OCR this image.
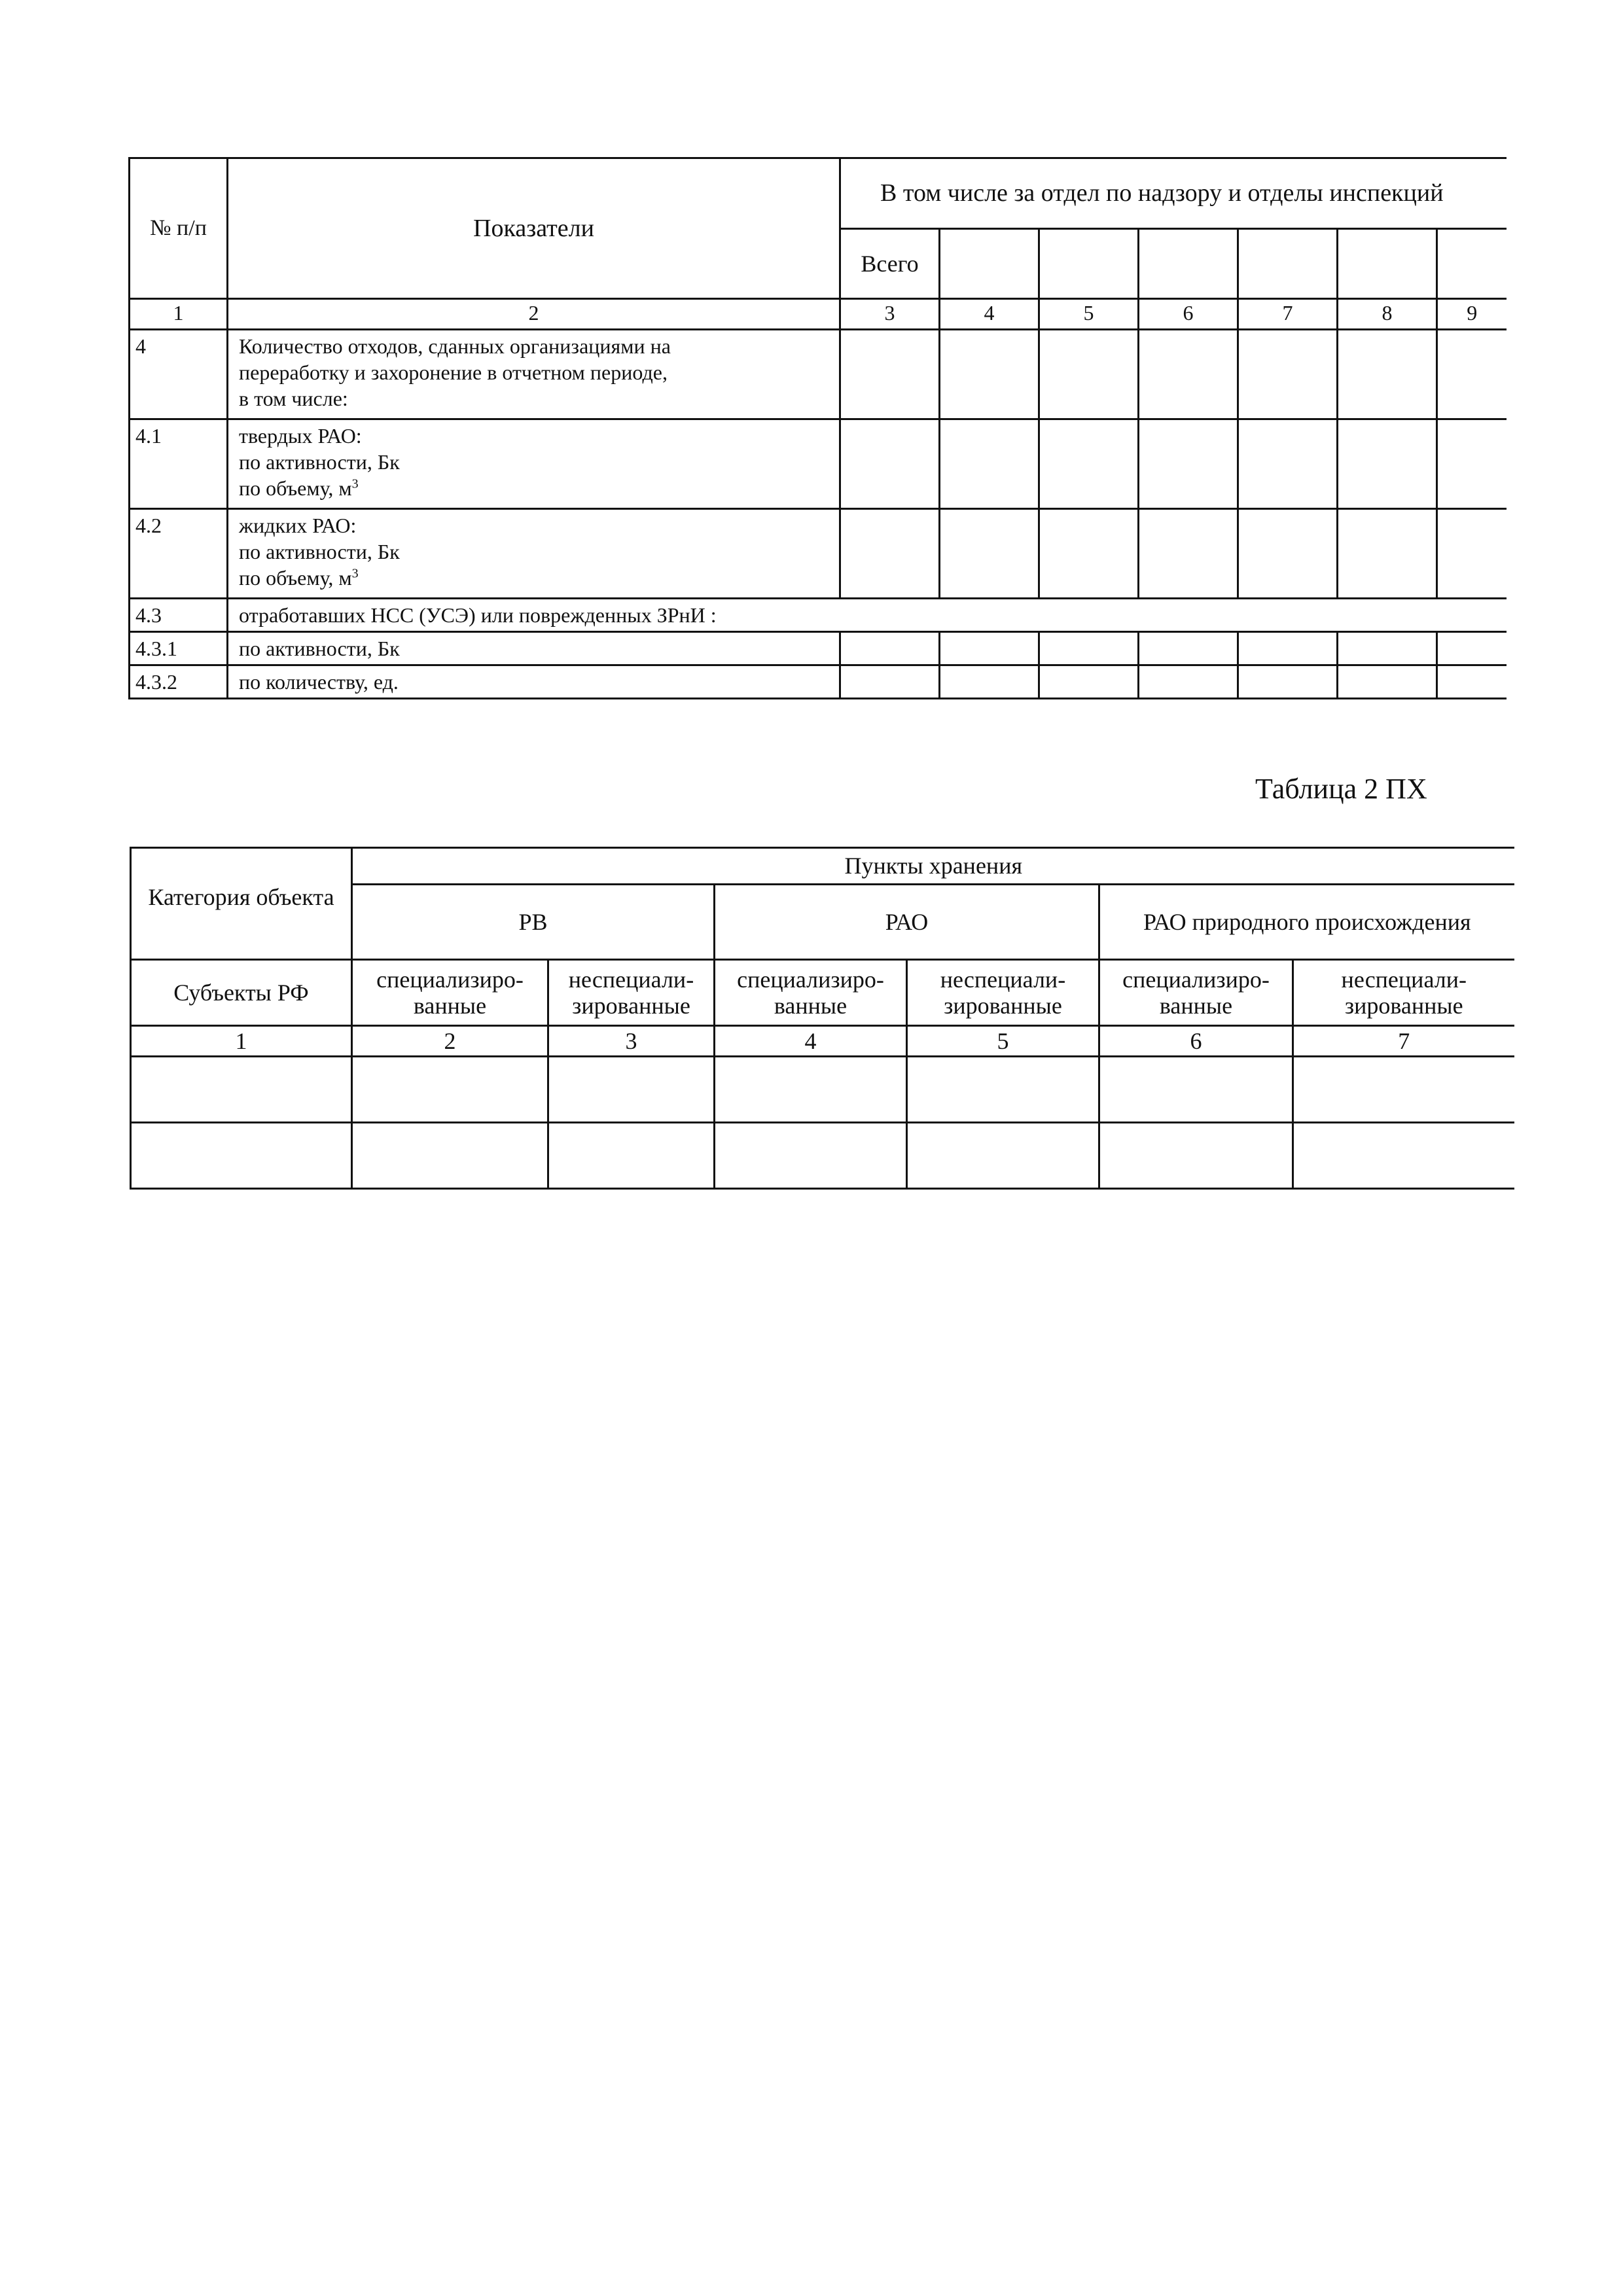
№ п/п	Показатели	В том числе за отдел по надзору и отделы инспекций						
		Всего						
1	2	3	4	5	6	7	8	9
4	Количество отходов, сданных организациями на
переработку и захоронение в отчетном периоде,
в том числе:							

4.1	твердых РАО:
по активности, Бк
по объему, $м^3$

4.2	жидких РАО:
по активности, Бк
по объему, $м^3$

4.3	отработавших НСС (УСЭ) или поврежденных ЗРнИ :							

4.3.1	по активности, Бк							

4.3.2	по количеству, ед.							

Таблица 2 ПХ
Категория объекта	Пункты хранения					
	РВ		РАО		РАО природного происхождения	
Субъекты РФ	специализиро- ванные	неспециали- зированные	специализиро- ванные	неспециали- зированные	специализиро- ванные	неспециали- зированные
1	2	3	4	5	6	7
